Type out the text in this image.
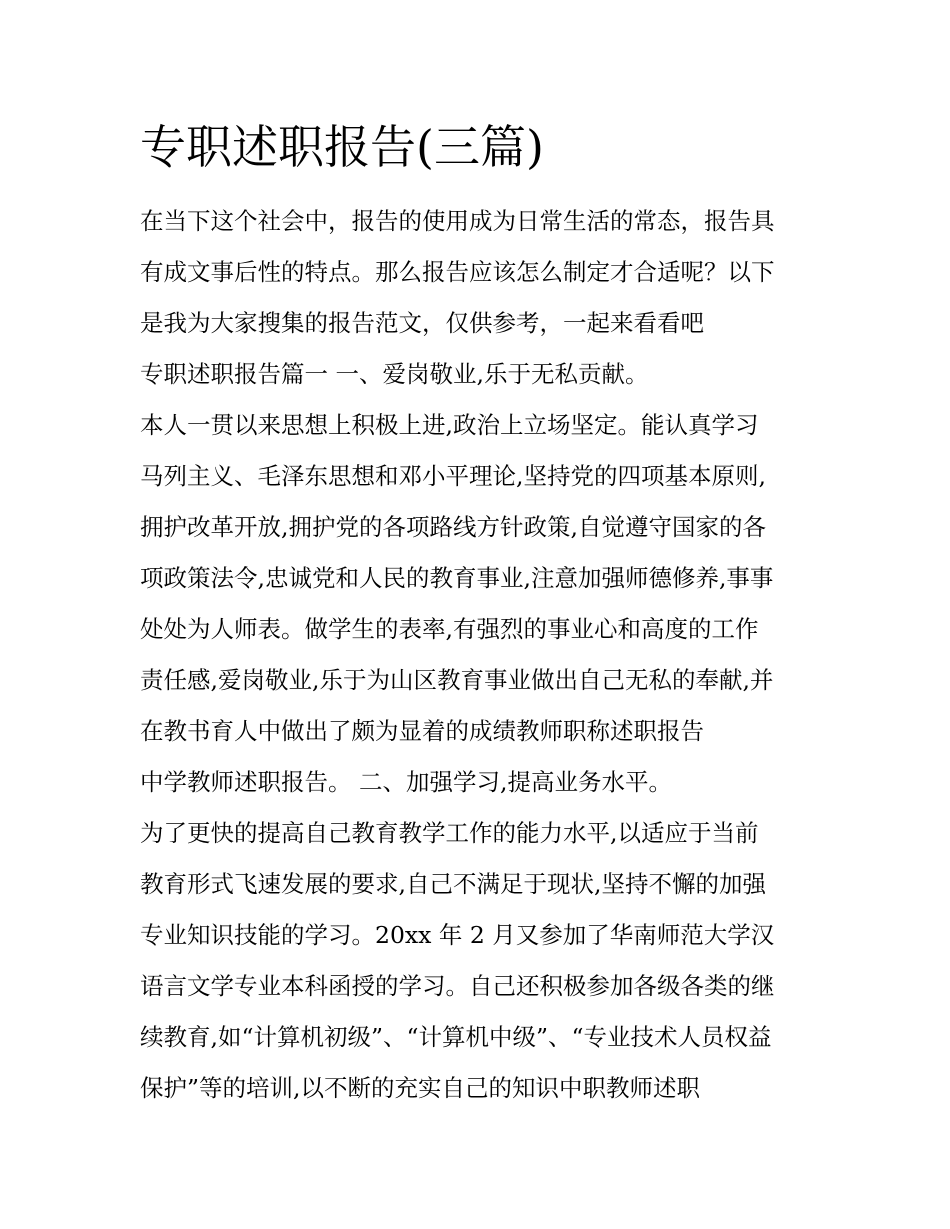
专职述职报告(三篇)
在当下这个社会中，报告的使用成为日常生活的常态，报告具
有成文事后性的特点。那么报告应该怎么制定才合适呢？以下
是我为大家搜集的报告范文，仅供参考，一起来看看吧
专职述职报告篇一 一、爱岗敬业,乐于无私贡献。
本人一贯以来思想上积极上进,政治上立场坚定。能认真学习
马列主义、毛泽东思想和邓小平理论,坚持党的四项基本原则,
拥护改革开放,拥护党的各项路线方针政策,自觉遵守国家的各
项政策法令,忠诚党和人民的教育事业,注意加强师德修养,事事
处处为人师表。做学生的表率,有强烈的事业心和高度的工作
责任感,爱岗敬业,乐于为山区教育事业做出自己无私的奉献,并
在教书育人中做出了颇为显着的成绩教师职称述职报告
中学教师述职报告。 二、加强学习,提高业务水平。
为了更快的提高自己教育教学工作的能力水平,以适应于当前
教育形式飞速发展的要求,自己不满足于现状,坚持不懈的加强
专业知识技能的学习。20xx 年 2 月又参加了华南师范大学汉
语言文学专业本科函授的学习。自己还积极参加各级各类的继
续教育,如“计算机初级”、“计算机中级”、“专业技术人员权益
保护”等的培训,以不断的充实自己的知识中职教师述职
